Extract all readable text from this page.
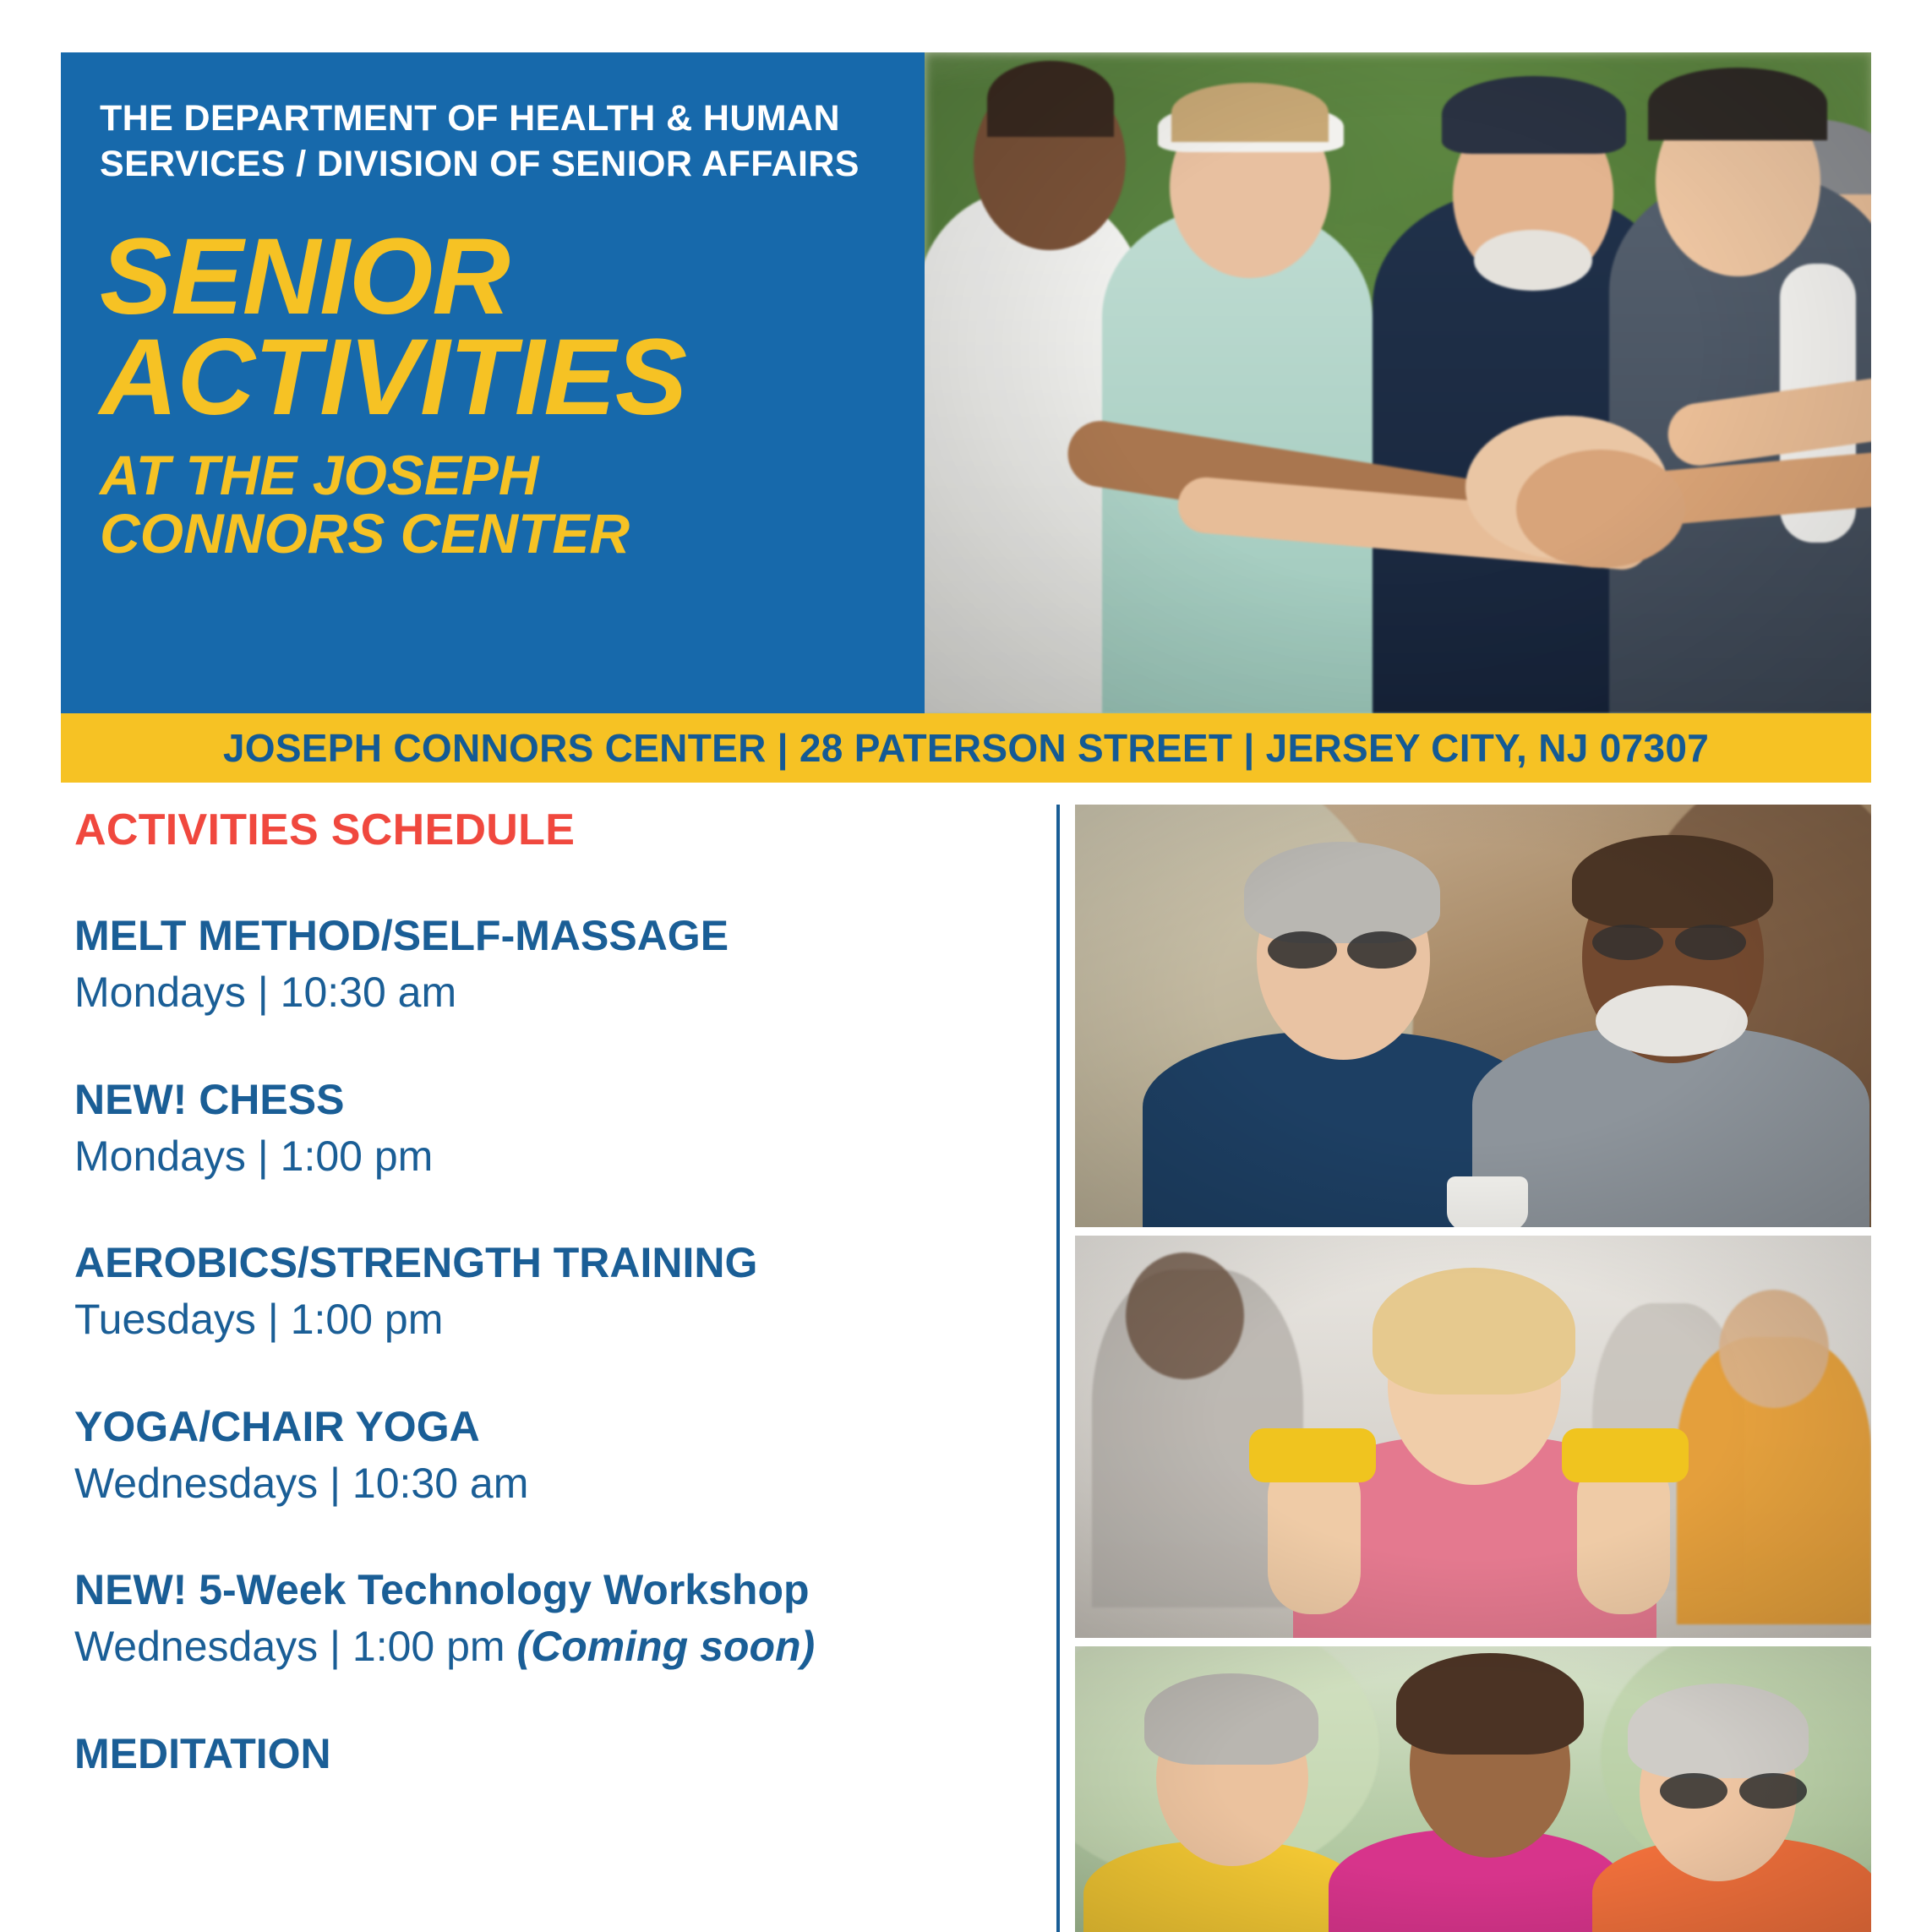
THE DEPARTMENT OF HEALTH & HUMAN SERVICES / DIVISION OF SENIOR AFFAIRS
SENIOR
ACTIVITIES
AT THE JOSEPH
CONNORS CENTER
JOSEPH CONNORS CENTER | 28 PATERSON STREET | JERSEY CITY, NJ 07307
ACTIVITIES SCHEDULE
MELT METHOD/SELF-MASSAGE
Mondays | 10:30 am
NEW! CHESS
Mondays | 1:00 pm
AEROBICS/STRENGTH TRAINING
Tuesdays | 1:00 pm
YOGA/CHAIR YOGA
Wednesdays | 10:30 am
NEW! 5-Week Technology Workshop
Wednesdays | 1:00 pm (Coming soon)
MEDITATION
